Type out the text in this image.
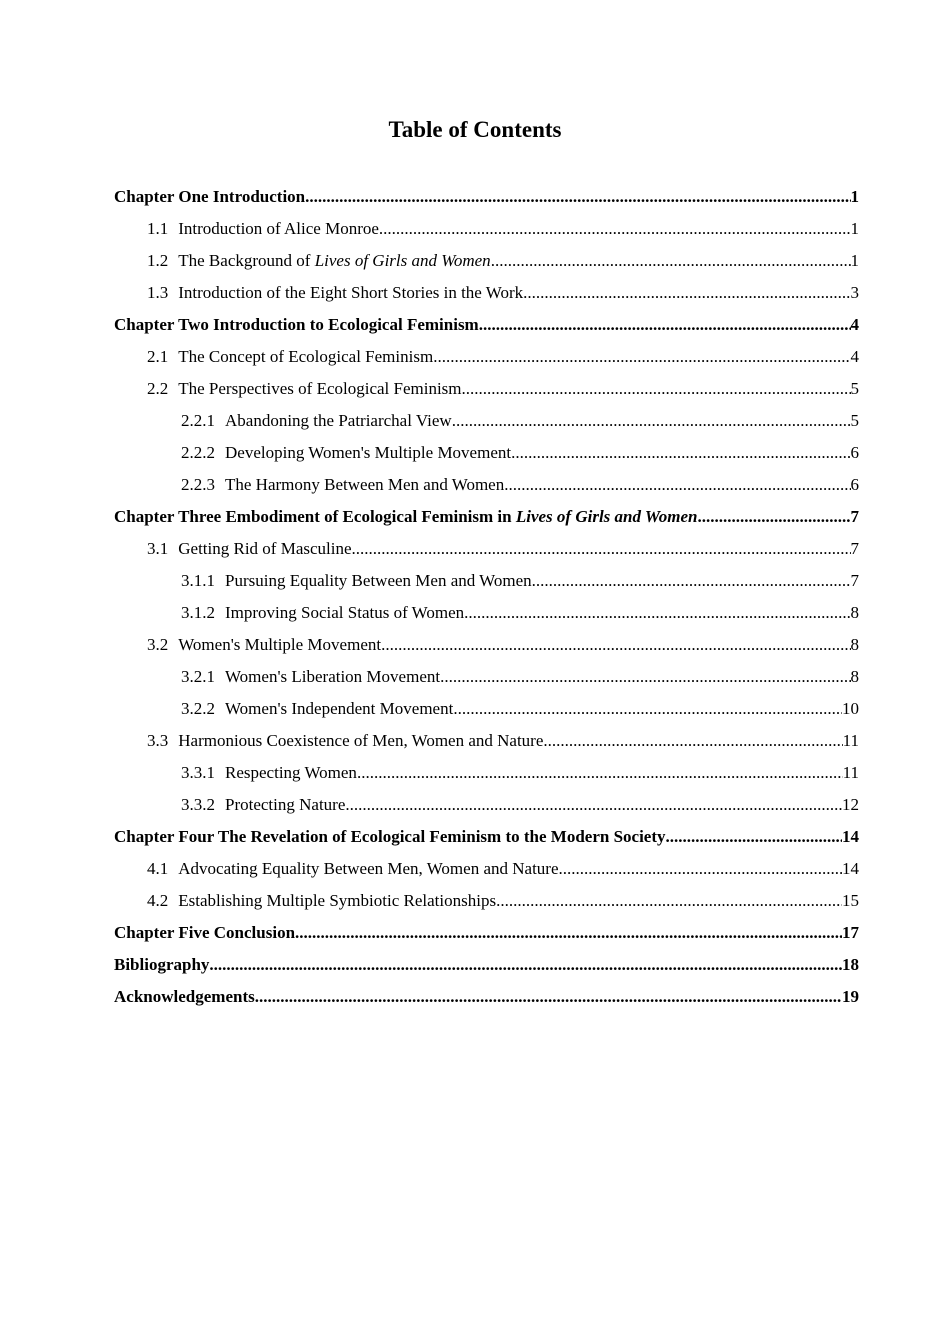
Table of Contents
Chapter One Introduction .....	1
1.1 Introduction of Alice Monroe .....	1
1.2 The Background of Lives of Girls and Women .....	1
1.3 Introduction of the Eight Short Stories in the Work .....	3
Chapter Two Introduction to Ecological Feminism .....	4
2.1 The Concept of Ecological Feminism .....	4
2.2 The Perspectives of Ecological Feminism .....	5
2.2.1 Abandoning the Patriarchal View .....	5
2.2.2 Developing Women's Multiple Movement .....	6
2.2.3 The Harmony Between Men and Women .....	6
Chapter Three Embodiment of Ecological Feminism in Lives of Girls and Women .....	7
3.1 Getting Rid of Masculine .....	7
3.1.1 Pursuing Equality Between Men and Women .....	7
3.1.2 Improving Social Status of Women .....	8
3.2 Women's Multiple Movement .....	8
3.2.1 Women's Liberation Movement .....	8
3.2.2 Women's Independent Movement .....	10
3.3 Harmonious Coexistence of Men, Women and Nature .....	11
3.3.1 Respecting Women .....	11
3.3.2 Protecting Nature .....	12
Chapter Four The Revelation of Ecological Feminism to the Modern Society .....	14
4.1 Advocating Equality Between Men, Women and Nature .....	14
4.2 Establishing Multiple Symbiotic Relationships .....	15
Chapter Five Conclusion .....	17
Bibliography .....	18
Acknowledgements .....	19
